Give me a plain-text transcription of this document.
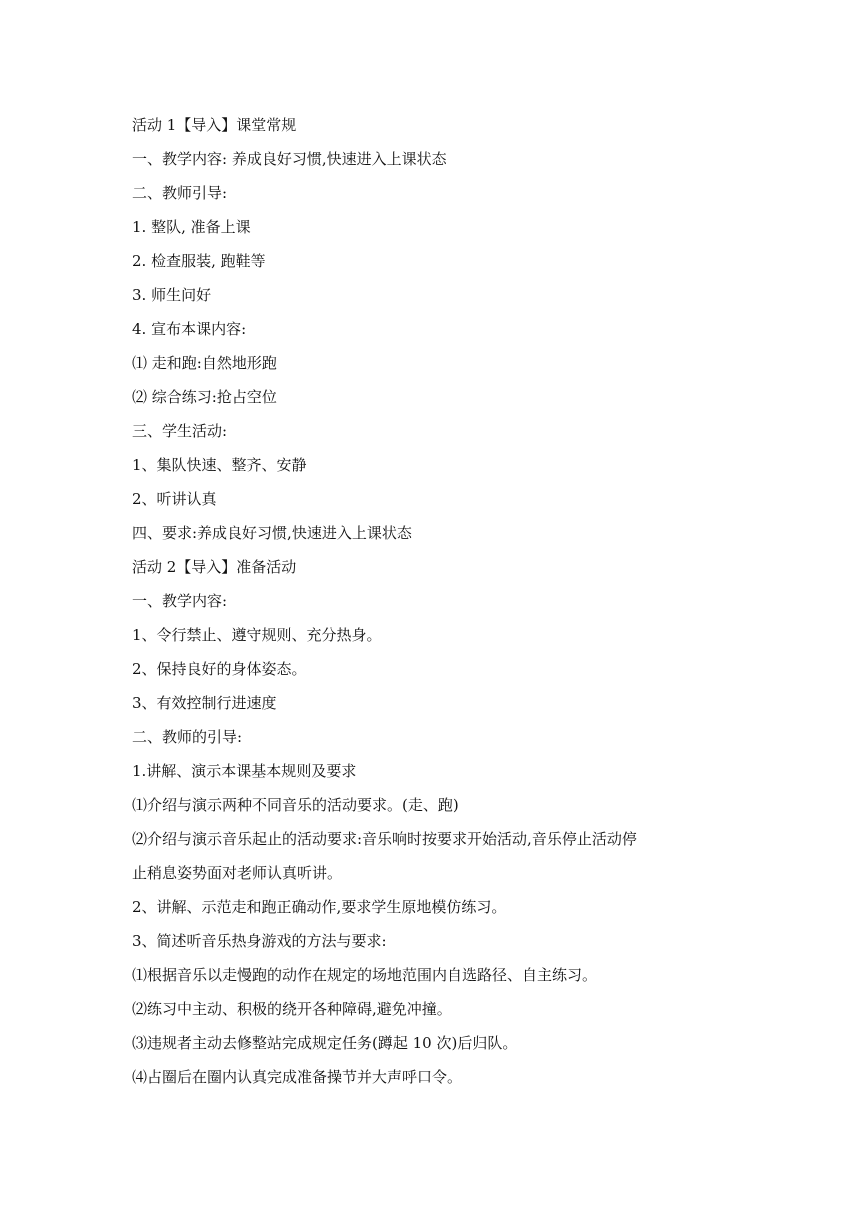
活动 1【导入】课堂常规

一、教学内容: 养成良好习惯,快速进入上课状态

二、教师引导:

1. 整队, 准备上课

2. 检查服装, 跑鞋等

3. 师生问好

4. 宣布本课内容:

⑴ 走和跑:自然地形跑

⑵ 综合练习:抢占空位

三、学生活动:

1、集队快速、整齐、安静

2、听讲认真

四、要求:养成良好习惯,快速进入上课状态

活动 2【导入】准备活动

一、教学内容:

1、令行禁止、遵守规则、充分热身。

2、保持良好的身体姿态。

3、有效控制行进速度

二、教师的引导:

1.讲解、演示本课基本规则及要求

⑴介绍与演示两种不同音乐的活动要求。(走、跑)

⑵介绍与演示音乐起止的活动要求:音乐响时按要求开始活动,音乐停止活动停

止稍息姿势面对老师认真听讲。

2、讲解、示范走和跑正确动作,要求学生原地模仿练习。

3、简述听音乐热身游戏的方法与要求:

⑴根据音乐以走慢跑的动作在规定的场地范围内自选路径、自主练习。

⑵练习中主动、积极的绕开各种障碍,避免冲撞。

⑶违规者主动去修整站完成规定任务(蹲起 10 次)后归队。

⑷占圈后在圈内认真完成准备操节并大声呼口令。
